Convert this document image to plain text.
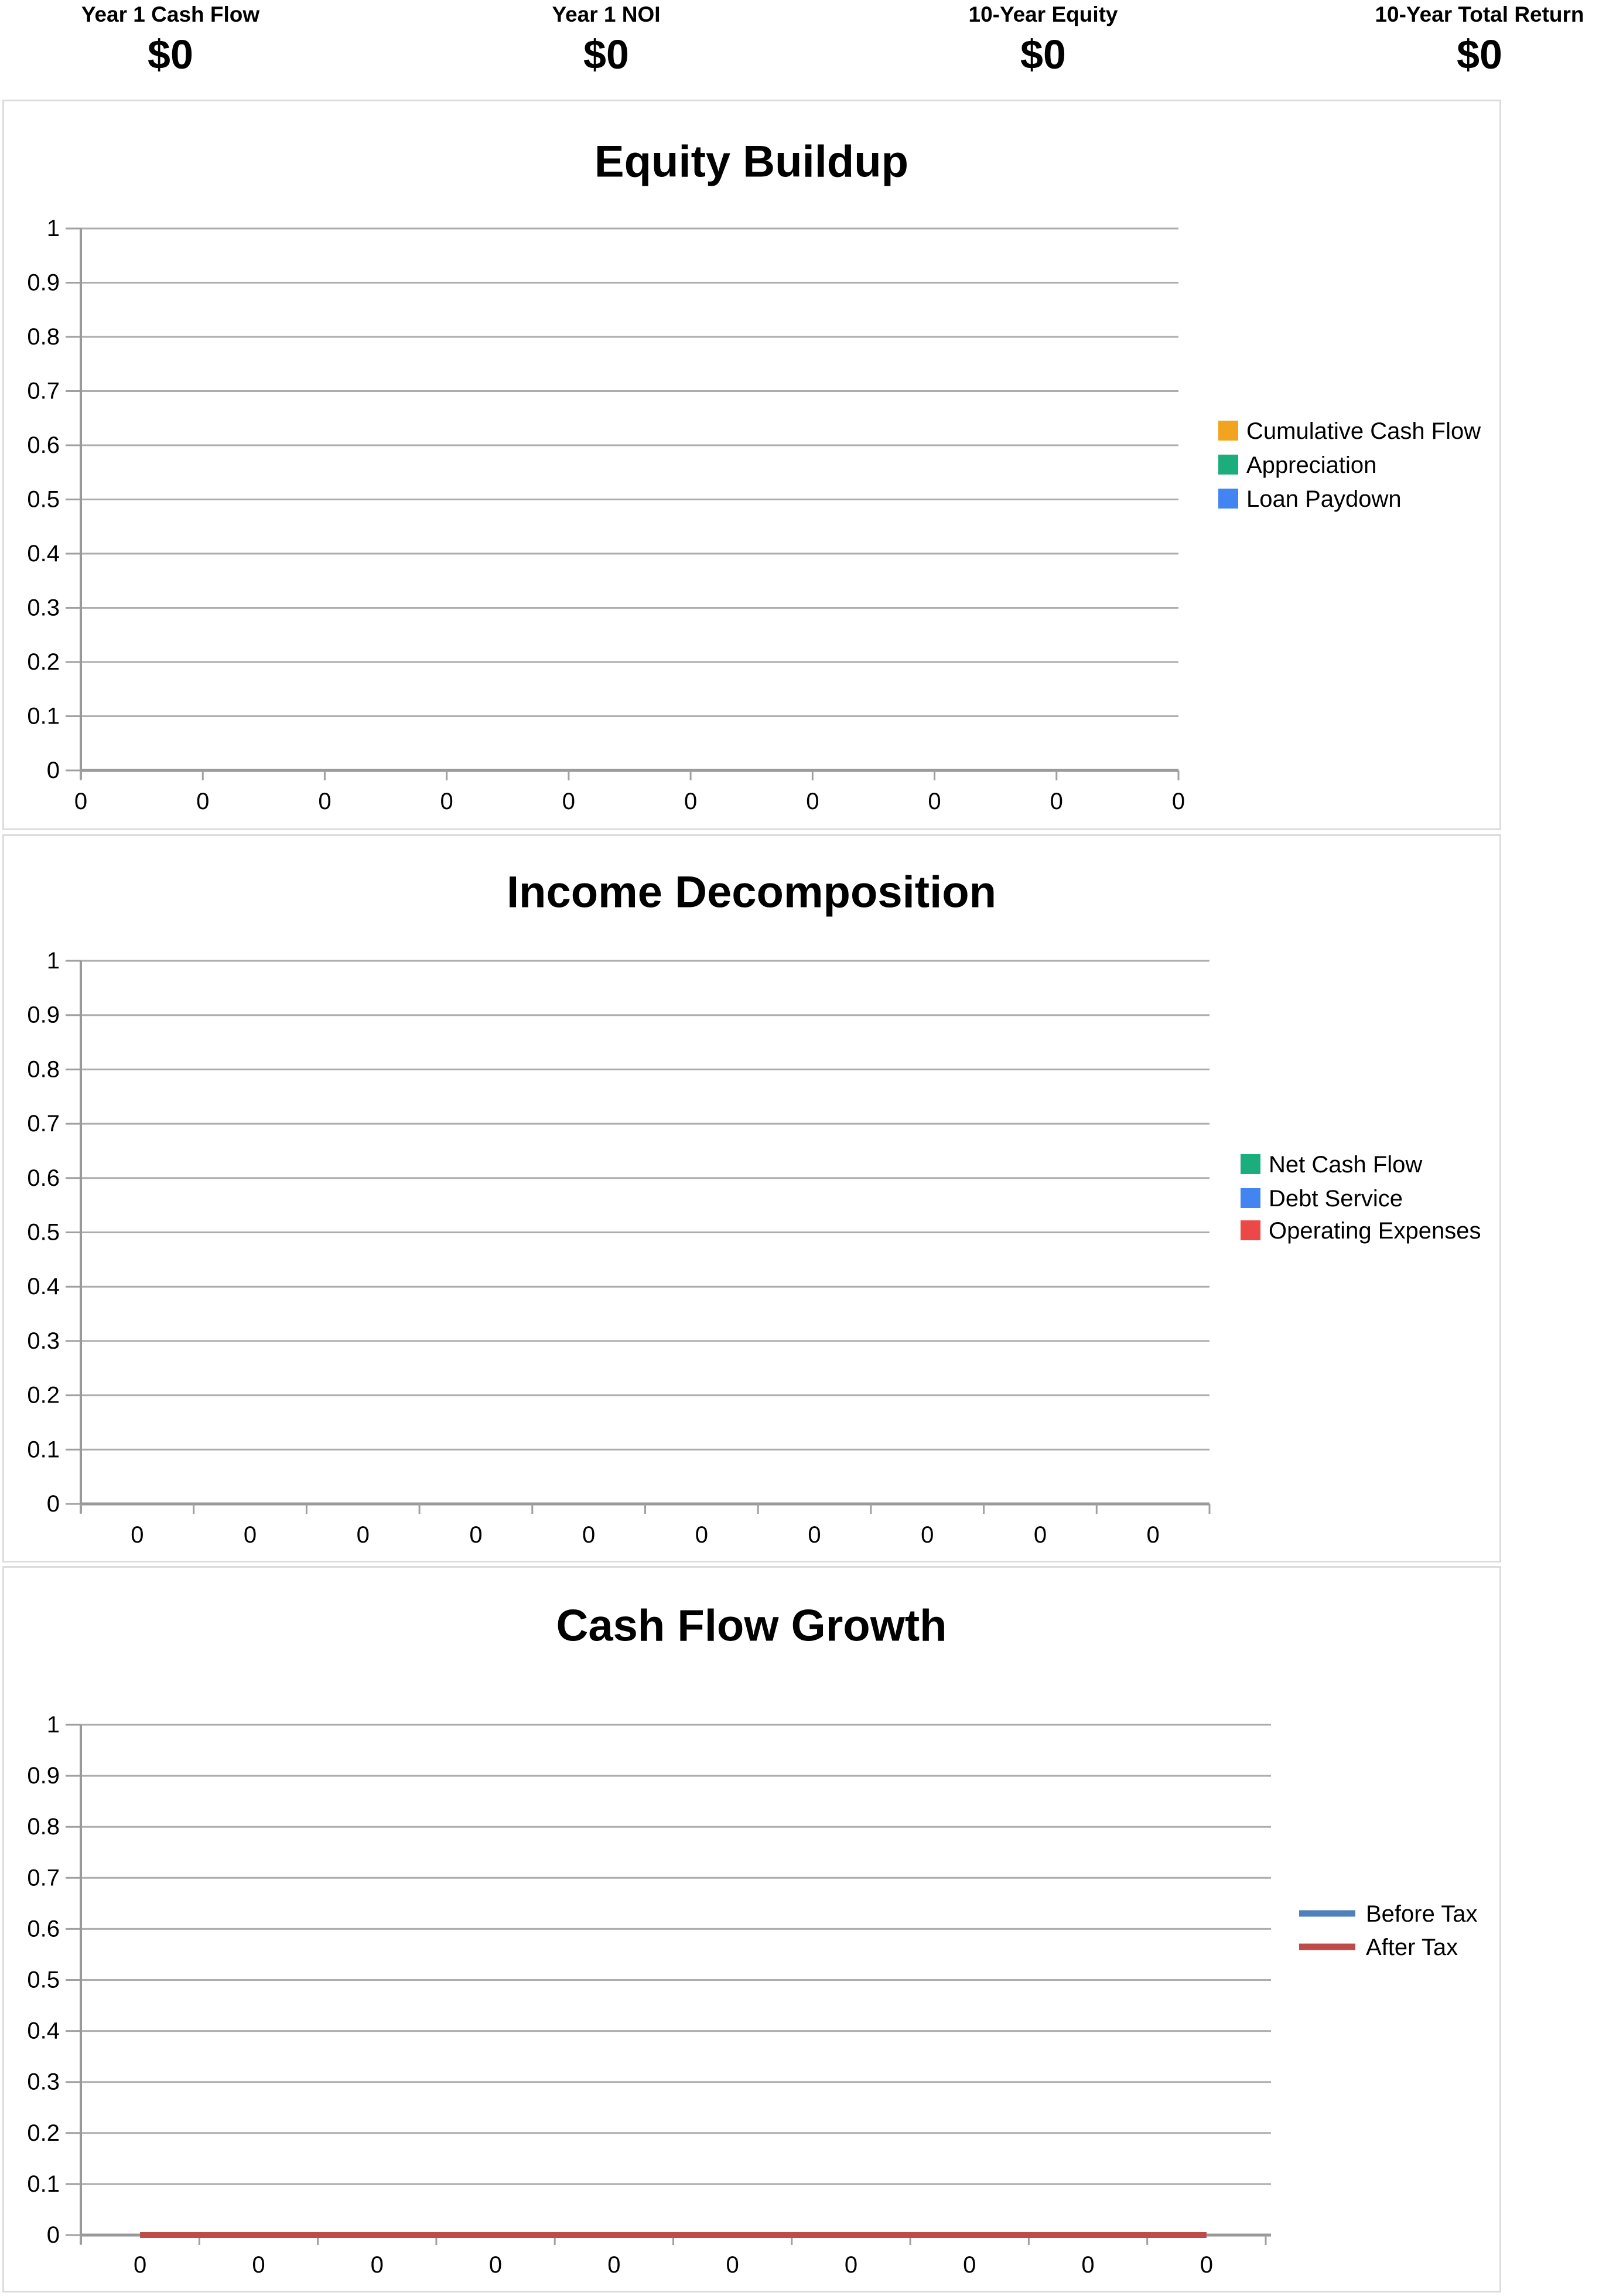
Year 1 Cash Flow
$0
Year 1 NOI
$0
10-Year Equity
$0
10-Year Total Return
$0
Equity Buildup
1
0.9
0.8
0.7
0.6
0.5
0.4
0.3
0.2
0.1
0
0	0	0	0	0	0	0	0	0	0
Cumulative Cash Flow
Appreciation
Loan Paydown
Income Decomposition
1
0.9
0.8
0.7
0.6
0.5
0.4
0.3
0.2
0.1
0
0	0	0	0	0	0	0	0	0	0
Net Cash Flow
Debt Service
Operating Expenses
Cash Flow Growth
1
0.9
0.8
0.7
0.6
0.5
0.4
0.3
0.2
0.1
0
0	0	0	0	0	0	0	0	0	0
Before Tax
After Tax
